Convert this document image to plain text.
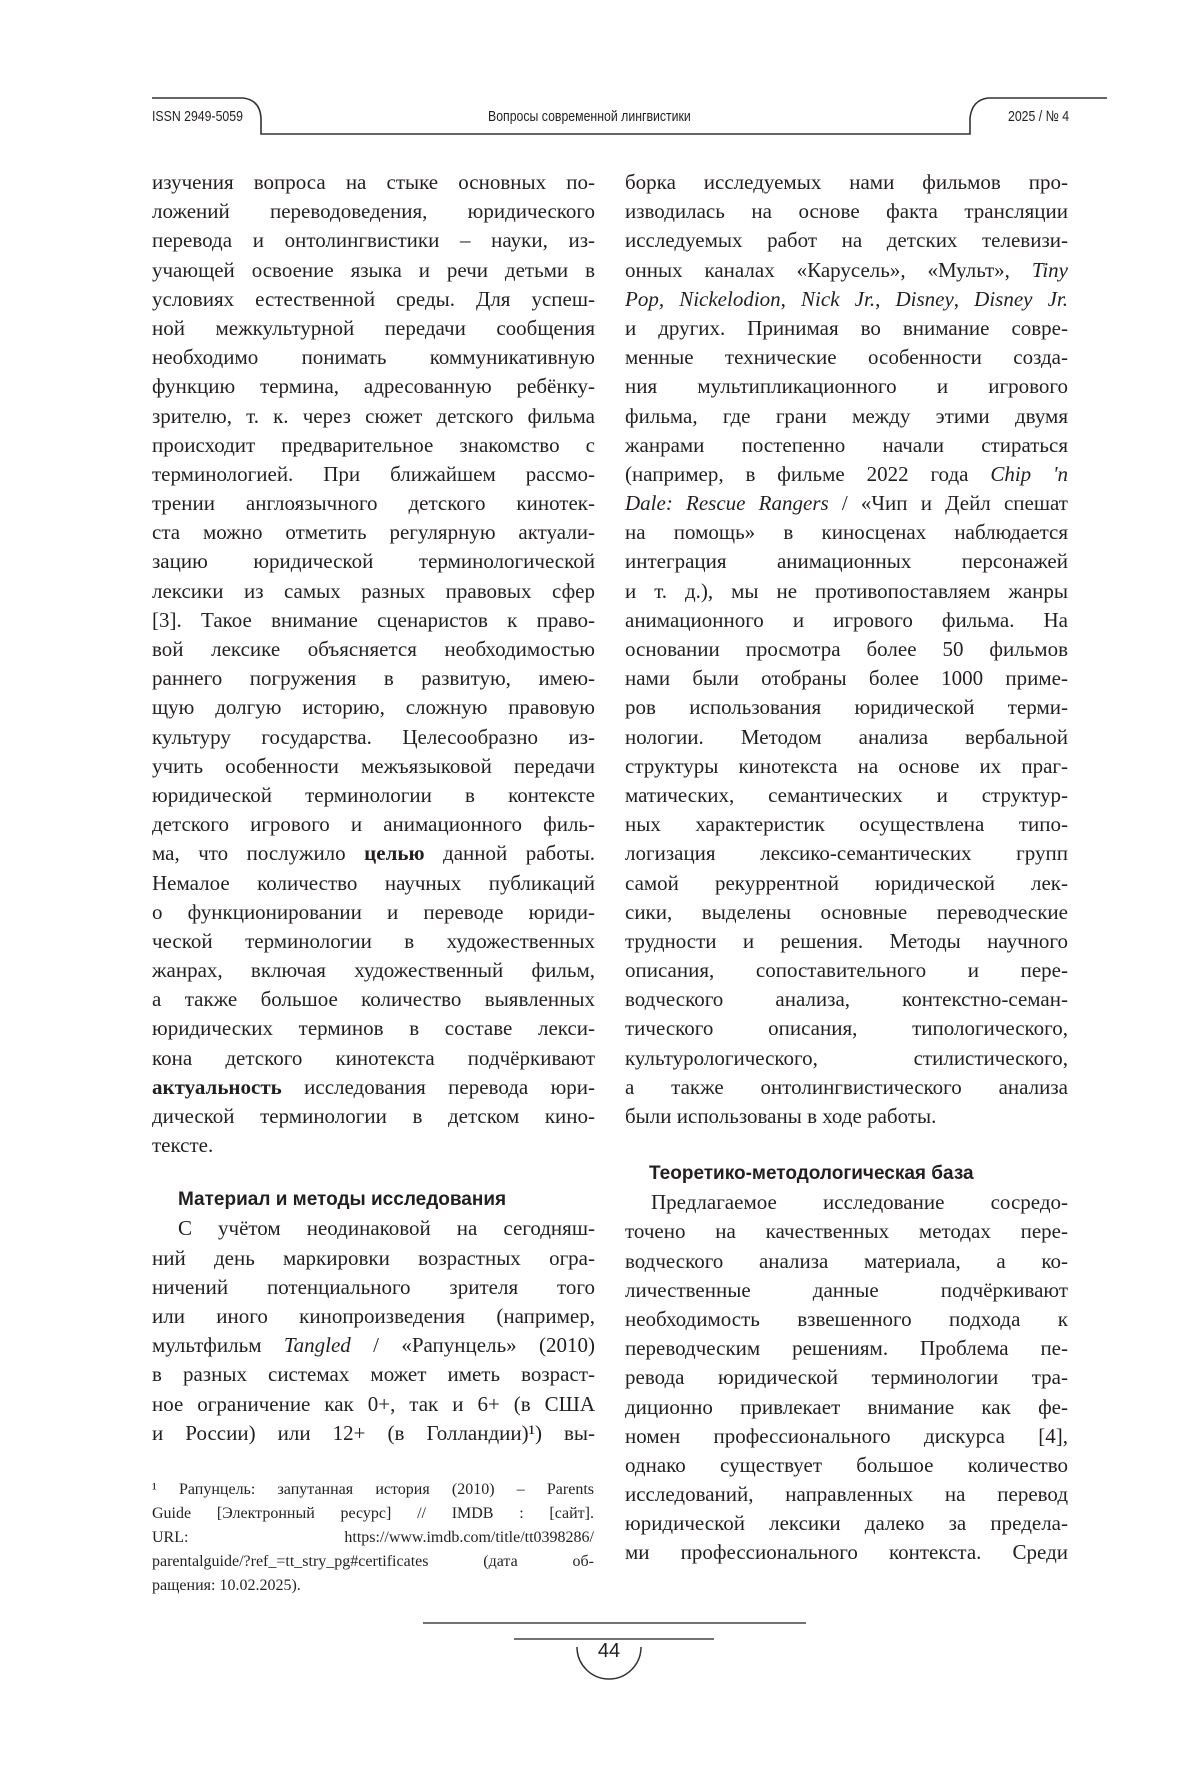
ISSN 2949-5059	Вопросы современной лингвистики	2025 / № 4
изучения вопроса на стыке основных по-
ложений переводоведения, юридического
перевода и онтолингвистики – науки, из-
учающей освоение языка и речи детьми в
условиях естественной среды. Для успеш-
ной межкультурной передачи сообщения
необходимо понимать коммуникативную
функцию термина, адресованную ребёнку-
зрителю, т. к. через сюжет детского фильма
происходит предварительное знакомство с
терминологией. При ближайшем рассмо-
трении англоязычного детского кинотек-
ста можно отметить регулярную актуали-
зацию юридической терминологической
лексики из самых разных правовых сфер
[3]. Такое внимание сценаристов к право-
вой лексике объясняется необходимостью
раннего погружения в развитую, имею-
щую долгую историю, сложную правовую
культуру государства. Целесообразно из-
учить особенности межъязыковой передачи
юридической терминологии в контексте
детского игрового и анимационного филь-
ма, что послужило целью данной работы.
Немалое количество научных публикаций
о функционировании и переводе юриди-
ческой терминологии в художественных
жанрах, включая художественный фильм,
а также большое количество выявленных
юридических терминов в составе лекси-
кона детского кинотекста подчёркивают
актуальность исследования перевода юри-
дической терминологии в детском кино-
тексте.
Материал и методы исследования
С учётом неодинаковой на сегодняш-
ний день маркировки возрастных огра-
ничений потенциального зрителя того
или иного кинопроизведения (например,
мультфильм Tangled / «Рапунцель» (2010)
в разных системах может иметь возраст-
ное ограничение как 0+, так и 6+ (в США
и России) или 12+ (в Голландии)¹) вы-
¹ Рапунцель: запутанная история (2010) – Parents
Guide [Электронный ресурс] // IMDB : [сайт].
URL: https://www.imdb.com/title/tt0398286/
parentalguide/?ref_=tt_stry_pg#certificates (дата об-
ращения: 10.02.2025).
борка исследуемых нами фильмов про-
изводилась на основе факта трансляции
исследуемых работ на детских телевизи-
онных каналах «Карусель», «Мульт», Tiny
Pop, Nickelodion, Nick Jr., Disney, Disney Jr.
и других. Принимая во внимание совре-
менные технические особенности созда-
ния мультипликационного и игрового
фильма, где грани между этими двумя
жанрами постепенно начали стираться
(например, в фильме 2022 года Chip 'n
Dale: Rescue Rangers / «Чип и Дейл спешат
на помощь» в киносценах наблюдается
интеграция анимационных персонажей
и т. д.), мы не противопоставляем жанры
анимационного и игрового фильма. На
основании просмотра более 50 фильмов
нами были отобраны более 1000 приме-
ров использования юридической терми-
нологии. Методом анализа вербальной
структуры кинотекста на основе их праг-
матических, семантических и структур-
ных характеристик осуществлена типо-
логизация лексико-семантических групп
самой рекуррентной юридической лек-
сики, выделены основные переводческие
трудности и решения. Методы научного
описания, сопоставительного и пере-
водческого анализа, контекстно-семан-
тического описания, типологического,
культурологического, стилистического,
а также онтолингвистического анализа
были использованы в ходе работы.
Теоретико-методологическая база
Предлагаемое исследование сосредо-
точено на качественных методах пере-
водческого анализа материала, а ко-
личественные данные подчёркивают
необходимость взвешенного подхода к
переводческим решениям. Проблема пе-
ревода юридической терминологии тра-
диционно привлекает внимание как фе-
номен профессионального дискурса [4],
однако существует большое количество
исследований, направленных на перевод
юридической лексики далеко за предела-
ми профессионального контекста. Среди
44
